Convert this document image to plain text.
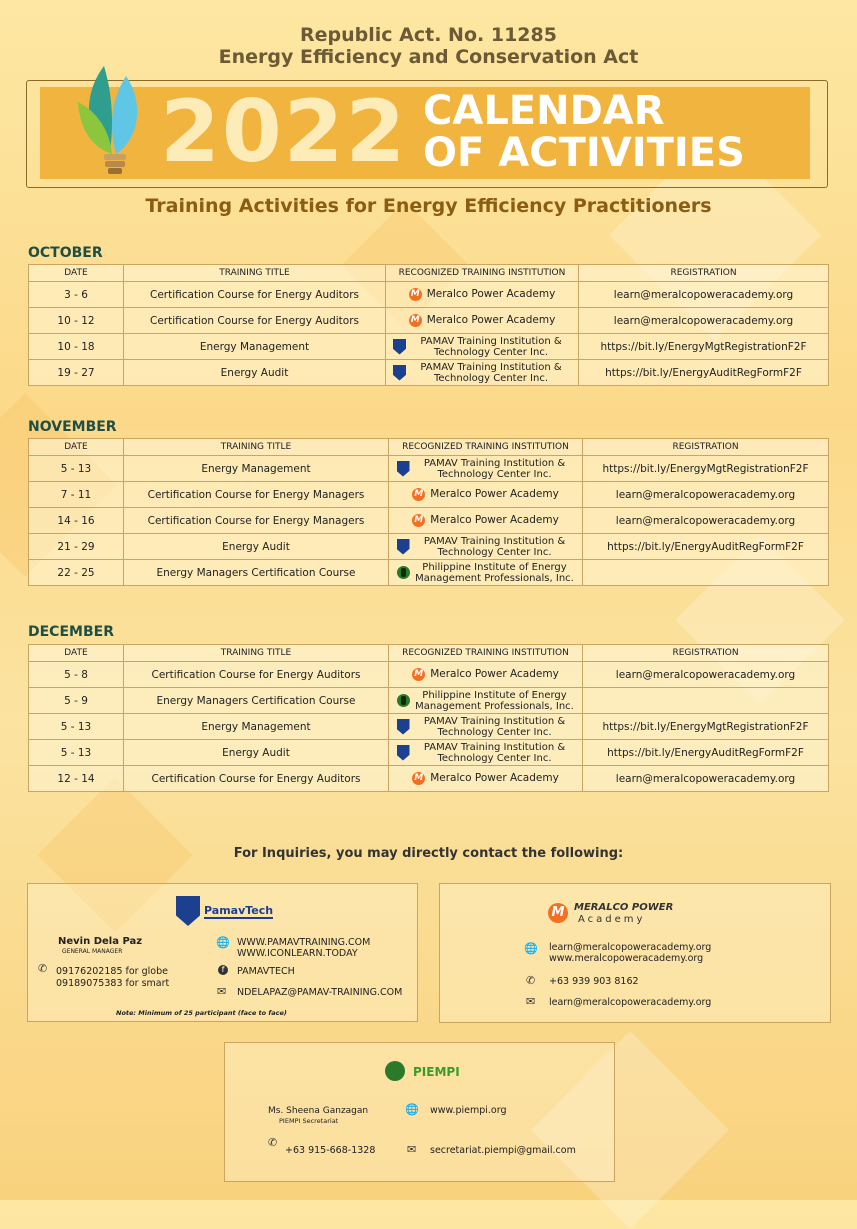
Republic Act. No. 11285
Energy Efficiency and Conservation Act
2022 CALENDAR
OF ACTIVITIES
Training Activities for Energy Efficiency Practitioners
OCTOBER
DATE	TRAINING TITLE	RECOGNIZED TRAINING INSTITUTION	REGISTRATION
3 - 6	Certification Course for Energy Auditors	M Meralco Power Academy	learn@meralcopoweracademy.org
10 - 12	Certification Course for Energy Auditors	M Meralco Power Academy	learn@meralcopoweracademy.org
10 - 18	Energy Management	PAMAV Training Institution & Technology Center Inc.	https://bit.ly/EnergyMgtRegistrationF2F
19 - 27	Energy Audit	PAMAV Training Institution & Technology Center Inc.	https://bit.ly/EnergyAuditRegFormF2F
NOVEMBER
DATE	TRAINING TITLE	RECOGNIZED TRAINING INSTITUTION	REGISTRATION
5 - 13	Energy Management	PAMAV Training Institution & Technology Center Inc.	https://bit.ly/EnergyMgtRegistrationF2F
7 - 11	Certification Course for Energy Managers	M Meralco Power Academy	learn@meralcopoweracademy.org
14 - 16	Certification Course for Energy Managers	M Meralco Power Academy	learn@meralcopoweracademy.org
21 - 29	Energy Audit	PAMAV Training Institution & Technology Center Inc.	https://bit.ly/EnergyAuditRegFormF2F
22 - 25	Energy Managers Certification Course	Philippine Institute of Energy Management Professionals, Inc.	

DECEMBER
DATE	TRAINING TITLE	RECOGNIZED TRAINING INSTITUTION	REGISTRATION
5 - 8	Certification Course for Energy Auditors	M Meralco Power Academy	learn@meralcopoweracademy.org
5 - 9	Energy Managers Certification Course	Philippine Institute of Energy Management Professionals, Inc.	

5 - 13	Energy Management	PAMAV Training Institution & Technology Center Inc.	https://bit.ly/EnergyMgtRegistrationF2F
5 - 13	Energy Audit	PAMAV Training Institution & Technology Center Inc.	https://bit.ly/EnergyAuditRegFormF2F
12 - 14	Certification Course for Energy Auditors	M Meralco Power Academy	learn@meralcopoweracademy.org
For Inquiries, you may directly contact the following:
PamavTech
Nevin Dela Paz
GENERAL MANAGER
✆ 09176202185 for globe
09189075383 for smart
🌐 WWW.PAMAVTRAINING.COM
WWW.ICONLEARN.TODAY
f	PAMAVTECH
✉ NDELAPAZ@PAMAV-TRAINING.COM
Note: Minimum of 25 participant (face to face)
M MERALCO POWER
Academy
🌐 learn@meralcopoweracademy.org
www.meralcopoweracademy.org
✆ +63 939 903 8162
✉ learn@meralcopoweracademy.org
PIEMPI
Ms. Sheena Ganzagan
PIEMPI Secretariat
✆
+63 915-668-1328
🌐 www.piempi.org
✉ secretariat.piempi@gmail.com
